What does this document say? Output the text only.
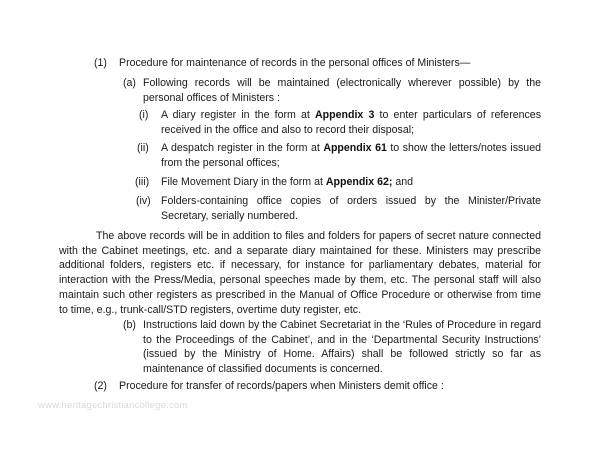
(1) Procedure for maintenance of records in the personal offices of Ministers—

(a) Following records will be maintained (electronically wherever possible) by the
personal offices of Ministers :

(i) A diary register in the form at Appendix 3 to enter particulars of references
received in the office and also to record their disposal;

(ii) A despatch register in the form at Appendix 61 to show the letters/notes issued
from the personal offices;

(iii) File Movement Diary in the form at Appendix 62; and

(iv) Folders-containing office copies of orders issued by the Minister/Private
Secretary, serially numbered.

The above records will be in addition to files and folders for papers of secret nature connected
with the Cabinet meetings, etc. and a separate diary maintained for these. Ministers may prescribe
additional folders, registers etc. if necessary, for instance for parliamentary debates, material for
interaction with the Press/Media, personal speeches made by them, etc. The personal staff will also
maintain such other registers as prescribed in the Manual of Office Procedure or otherwise from time
to time, e.g., trunk-call/STD registers, overtime duty register, etc.

(b) Instructions laid down by the Cabinet Secretariat in the ‘Rules of Procedure in regard
to the Proceedings of the Cabinet’, and in the ‘Departmental Security Instructions’
(issued by the Ministry of Home. Affairs) shall be followed strictly so far as
maintenance of classified documents is concerned.

(2) Procedure for transfer of records/papers when Ministers demit office :

www.heritagechristiancollege.com
